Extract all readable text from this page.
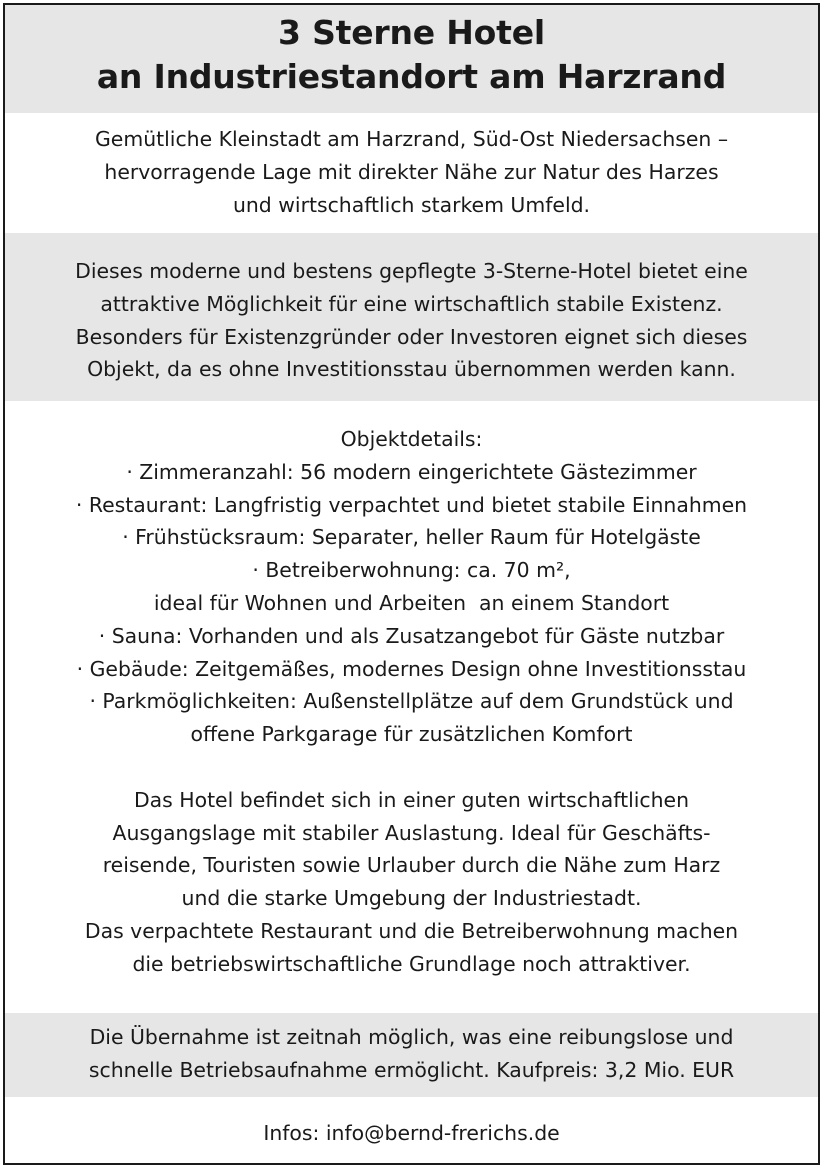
3 Sterne Hotel
an Industriestandort am Harzrand
Gemütliche Kleinstadt am Harzrand, Süd-Ost Niedersachsen –
hervorragende Lage mit direkter Nähe zur Natur des Harzes
und wirtschaftlich starkem Umfeld.
Dieses moderne und bestens gepflegte 3-Sterne-Hotel bietet eine
attraktive Möglichkeit für eine wirtschaftlich stabile Existenz.
Besonders für Existenzgründer oder Investoren eignet sich dieses
Objekt, da es ohne Investitionsstau übernommen werden kann.
Objektdetails:
· Zimmeranzahl: 56 modern eingerichtete Gästezimmer
· Restaurant: Langfristig verpachtet und bietet stabile Einnahmen
· Frühstücksraum: Separater, heller Raum für Hotelgäste
· Betreiberwohnung: ca. 70 m²,
ideal für Wohnen und Arbeiten  an einem Standort
· Sauna: Vorhanden und als Zusatzangebot für Gäste nutzbar
· Gebäude: Zeitgemäßes, modernes Design ohne Investitionsstau
· Parkmöglichkeiten: Außenstellplätze auf dem Grundstück und
offene Parkgarage für zusätzlichen Komfort
Das Hotel befindet sich in einer guten wirtschaftlichen
Ausgangslage mit stabiler Auslastung. Ideal für Geschäfts-
reisende, Touristen sowie Urlauber durch die Nähe zum Harz
und die starke Umgebung der Industriestadt.
Das verpachtete Restaurant und die Betreiberwohnung machen
die betriebswirtschaftliche Grundlage noch attraktiver.
Die Übernahme ist zeitnah möglich, was eine reibungslose und
schnelle Betriebsaufnahme ermöglicht. Kaufpreis: 3,2 Mio. EUR
Infos: info@bernd-frerichs.de
